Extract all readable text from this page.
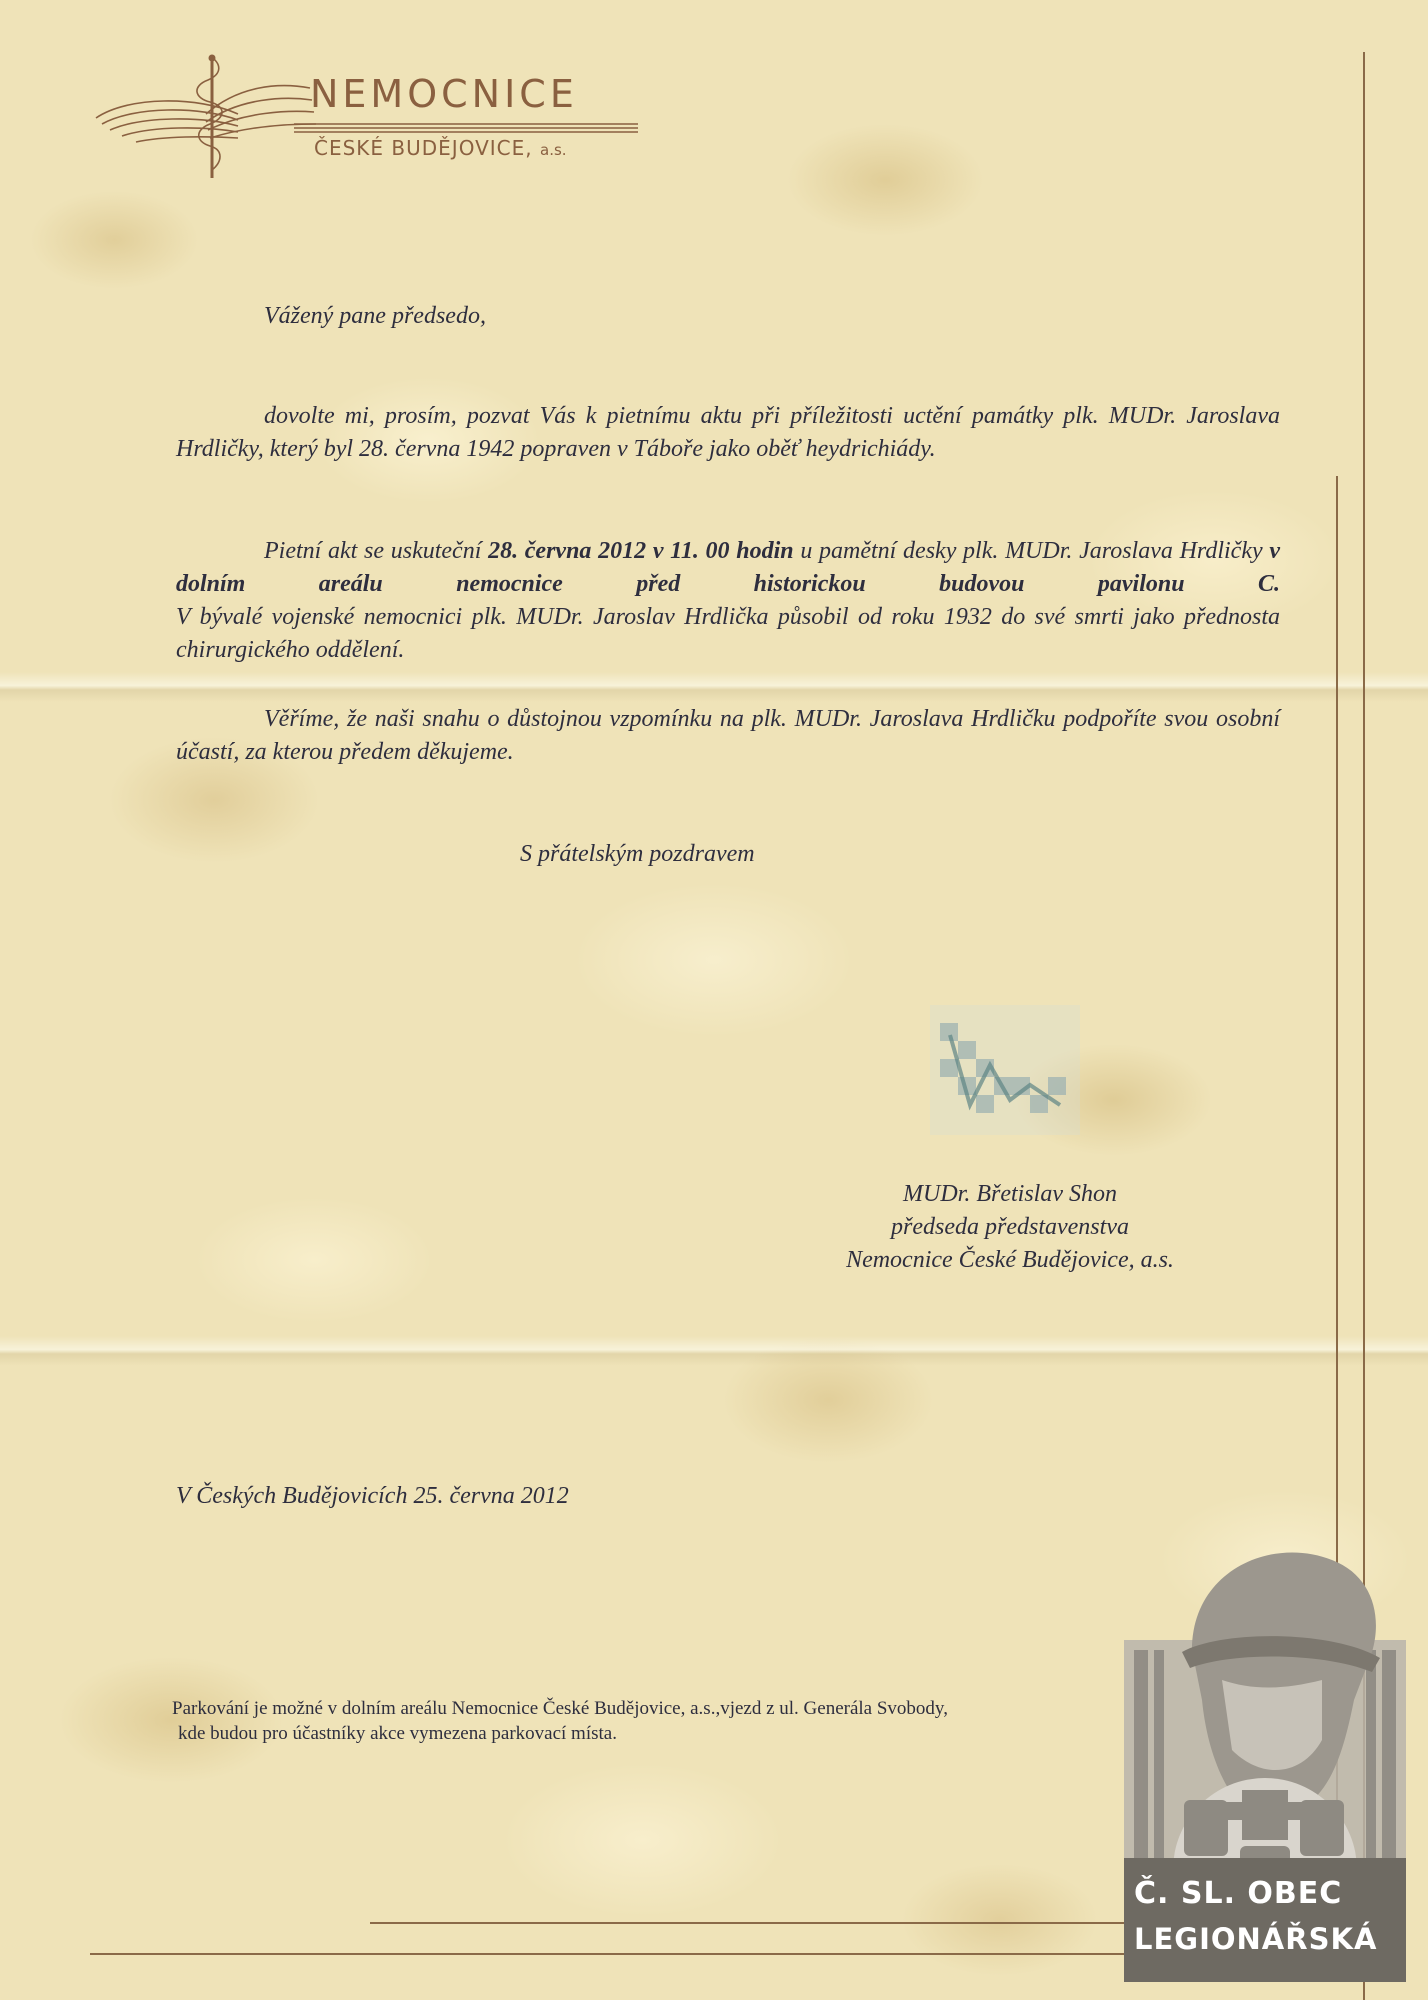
NEMOCNICE
ČESKÉ BUDĚJOVICE, a.s.
Vážený pane předsedo,
dovolte mi, prosím, pozvat Vás k pietnímu aktu při příležitosti uctění památky plk. MUDr. Jaroslava Hrdličky, který byl 28. června 1942 popraven v Táboře jako oběť heydrichiády.
Pietní akt se uskuteční 28. června 2012 v 11. 00 hodin u pamětní desky plk. MUDr. Jaroslava Hrdličky v dolním areálu nemocnice před historickou budovou pavilonu C.
V bývalé vojenské nemocnici plk. MUDr. Jaroslav Hrdlička působil od roku 1932 do své smrti jako přednosta chirurgického oddělení.
Věříme, že naši snahu o důstojnou vzpomínku na plk. MUDr. Jaroslava Hrdličku podpoříte svou osobní účastí, za kterou předem děkujeme.
S přátelským pozdravem
MUDr. Břetislav Shon
předseda představenstva
Nemocnice České Budějovice, a.s.
V Českých Budějovicích 25. června 2012
Parkování je možné v dolním areálu Nemocnice České Budějovice, a.s.,vjezd z ul. Generála Svobody,
kde budou pro účastníky akce vymezena parkovací místa.
Č. SL. OBEC
LEGIONÁŘSKÁ
